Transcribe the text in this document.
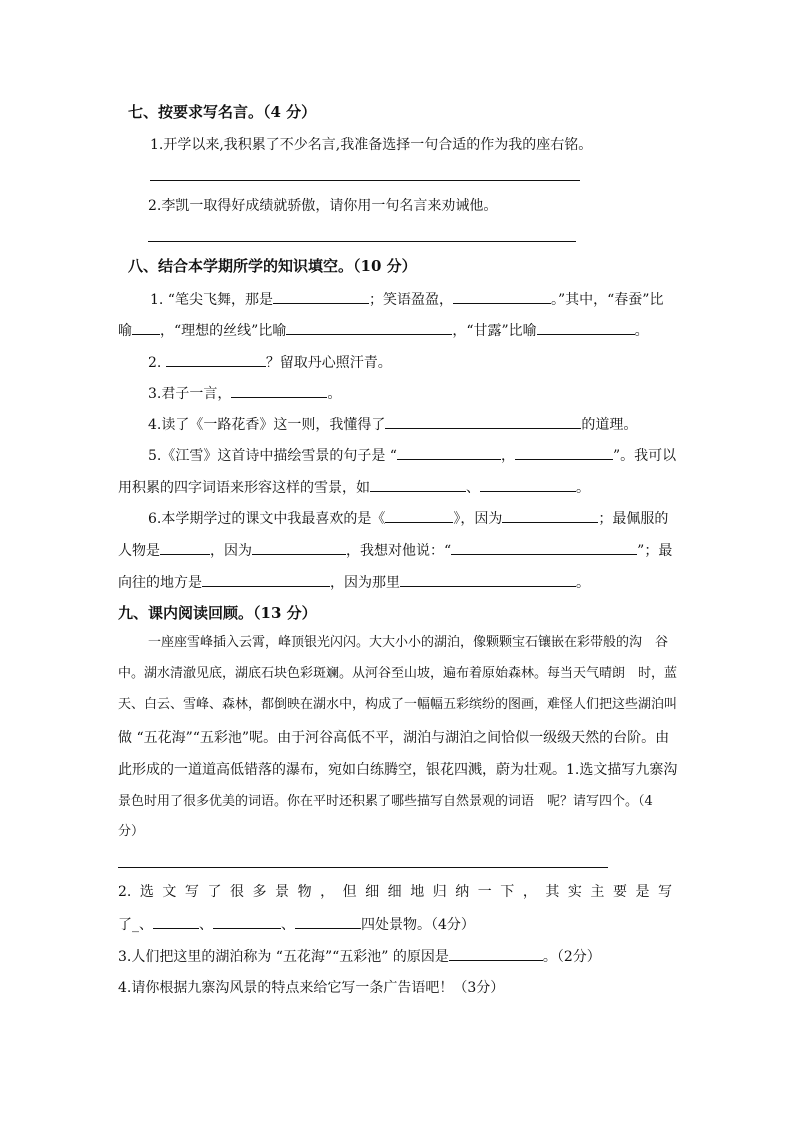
七、按要求写名言。（4 分）
1.开学以来,我积累了不少名言,我准备选择一句合适的作为我的座右铭。
2.李凯一取得好成绩就骄傲，请你用一句名言来劝诫他。
八、结合本学期所学的知识填空。（10 分）
1. “笔尖飞舞，那是	；笑语盈盈，	。”其中，“春蚕”比
喻 ，“理想的丝线”比喻	，“甘露”比喻	。
2.	？留取丹心照汗青。
3.君子一言，	。
4.读了《一路花香》这一则，我懂得了	的道理。
5.《江雪》这首诗中描绘雪景的句子是 “	，	”。我可以
用积累的四字词语来形容这样的雪景，如	、	。
6.本学期学过的课文中我最喜欢的是《	》，因为	；最佩服的
人物是	，因为	，我想对他说：“	”；最
向往的地方是	，因为那里	。
九、课内阅读回顾。（13 分）
一座座雪峰插入云霄，峰顶银光闪闪。大大小小的湖泊，像颗颗宝石镶嵌在彩带般的沟　谷
中。湖水清澈见底，湖底石块色彩斑斓。从河谷至山坡，遍布着原始森林。每当天气晴朗　时，蓝
天、白云、雪峰、森林，都倒映在湖水中，构成了一幅幅五彩缤纷的图画，难怪人们把这些湖泊叫
做 “五花海”“五彩池”呢。由于河谷高低不平，湖泊与湖泊之间恰似一级级天然的台阶。由
此形成的一道道高低错落的瀑布，宛如白练腾空，银花四溅，蔚为壮观。1.选文描写九寨沟
景色时用了很多优美的词语。你在平时还积累了哪些描写自然景观的词语　呢？请写四个。（4
分）
2.选文写了很多景物，但细细地归纳一下，其实主要是写
了_、	、	、	四处景物。（4分）
3.人们把这里的湖泊称为 “五花海”“五彩池” 的原因是	。（2分）
4.请你根据九寨沟风景的特点来给它写一条广告语吧！（3分）
